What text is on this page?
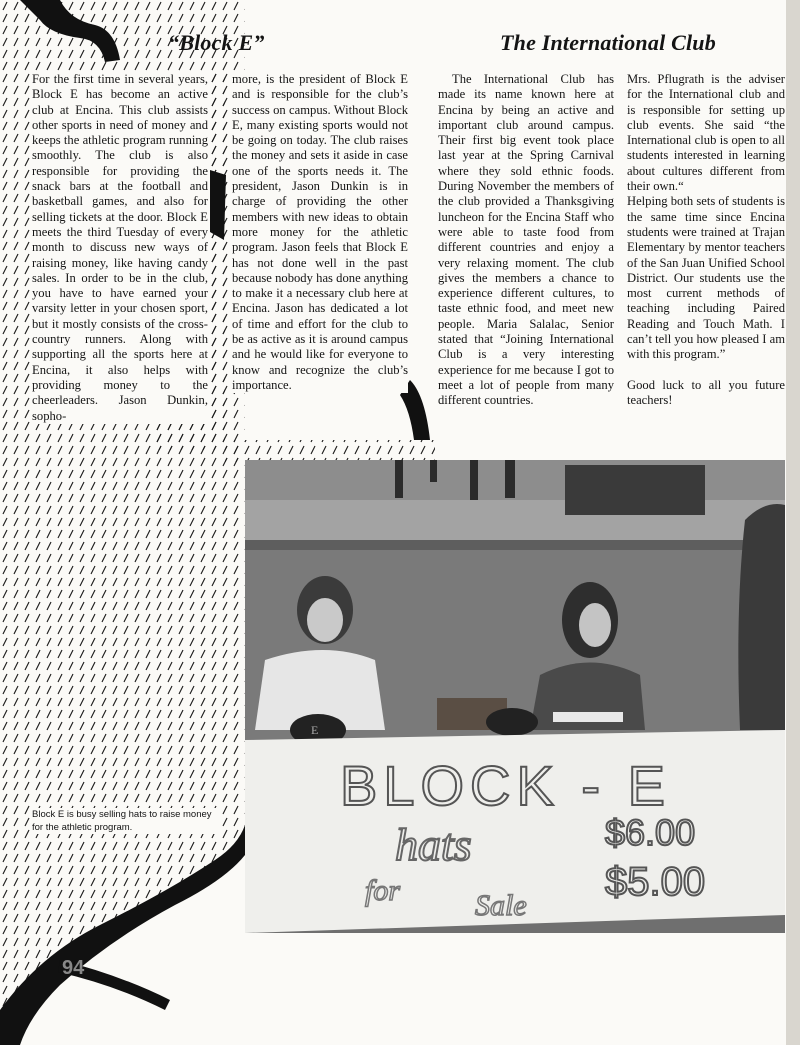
“Block E”	The International Club

For the first time in several years, Block E has become an active club at Encina. This club assists other sports in need of money and keeps the athletic program running smoothly. The club is also responsible for providing the snack bars at the football and basketball games, and also for selling tickets at the door. Block E meets the third Tuesday of every month to discuss new ways of raising money, like having candy sales. In order to be in the club, you have to have earned your varsity letter in your chosen sport, but it mostly consists of the cross-country runners. Along with supporting all the sports here at Encina, it also helps with providing money to the cheerleaders. Jason Dunkin, sopho-

more, is the president of Block E and is responsible for the club’s success on campus. Without Block E, many existing sports would not be going on today. The club raises the money and sets it aside in case one of the sports needs it. The president, Jason Dunkin is in charge of providing the other members with new ideas to obtain more money for the athletic program. Jason feels that Block E has not done well in the past because nobody has done anything to make it a necessary club here at Encina. Jason has dedicated a lot of time and effort for the club to be as active as it is around campus and he would like for everyone to know and recognize the club’s importance.

The International Club has made its name known here at Encina by being an active and important club around campus. Their first big event took place last year at the Spring Carnival where they sold ethnic foods. During November the members of the club provided a Thanksgiving luncheon for the Encina Staff who were able to taste food from different countries and enjoy a very relaxing moment. The club gives the members a chance to experience different cultures, to taste ethnic food, and meet new people. Maria Salalac, Senior stated that “Joining International Club is a very interesting experience for me because I got to meet a lot of people from many different countries.

Mrs. Pflugrath is the adviser for the International club and is responsible for setting up club events. She said “the International club is open to all students interested in learning about cultures different from their own.“

Helping both sets of students is the same time since Encina students were trained at Trajan Elementary by mentor teachers of the San Juan Unified School District. Our students use the most current methods of teaching including Paired Reading and Touch Math. I can’t tell you how pleased I am with this program.”

Good luck to all you future teachers!

E
BLOCK - E
hats
for Sale
$6.00
$5.00
Block E is busy selling hats to raise money for the athletic program.
94
